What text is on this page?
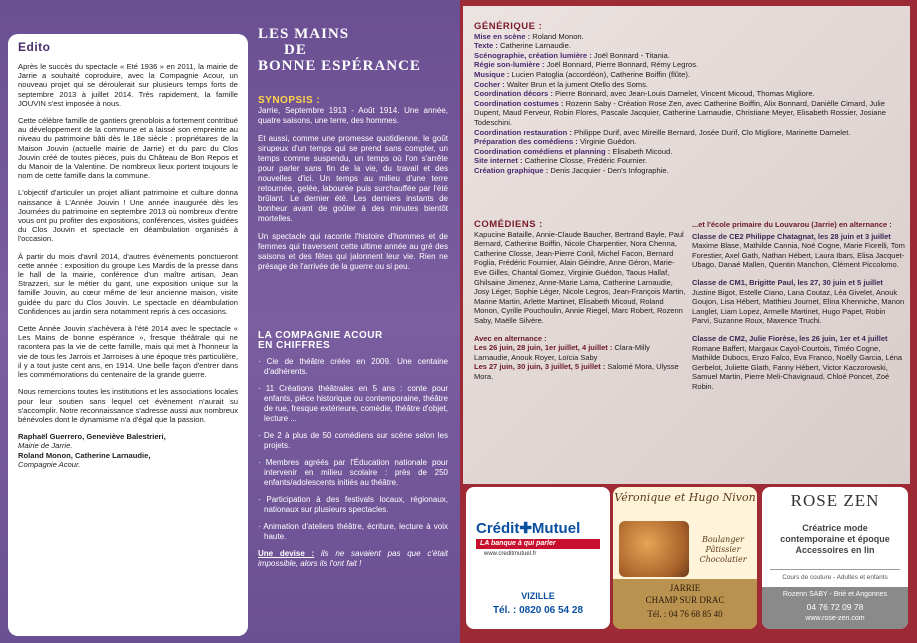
Edito

Après le succès du spectacle « Eté 1936 » en 2011, la mairie de Jarrie a souhaité coproduire, avec la Compagnie Acour, un nouveau projet qui se déroulerait sur plusieurs temps forts de septembre 2013 à juillet 2014. Très rapidement, la famille JOUVIN s'est imposée à nous.

Cette célèbre famille de gantiers grenoblois a fortement contribué au développement de la commune et a laissé son empreinte au niveau du patrimoine bâti dès le 18e siècle : propriétaires de la Maison Jouvin (actuelle mairie de Jarrie) et du parc du Clos Jouvin créé de toutes pièces, puis du Château de Bon Repos et du Manoir de la Valentine. De nombreux lieux portent toujours le nom de cette famille dans la commune.

L'objectif d'articuler un projet alliant patrimoine et culture donna naissance à L'Année Jouvin ! Une année inaugurée dès les Journées du patrimoine en septembre 2013 où nombreux d'entre vous ont pu profiter des expositions, conférences, visites guidées du Clos Jouvin et spectacle en déambulation organisés à l'occasion.

À partir du mois d'avril 2014, d'autres évènements ponctueront cette année : exposition du groupe Les Mardis de la presse dans le hall de la mairie, conférence d'un maître artisan, Jean Strazzeri, sur le métier du gant, une exposition unique sur la famille Jouvin, au cœur même de leur ancienne maison, visite guidée du parc du Clos Jouvin. Le spectacle en déambulation Confidences au jardin sera notamment repris à ces occasions.

Cette Année Jouvin s'achèvera à l'été 2014 avec le spectacle « Les Mains de bonne espérance », fresque théâtrale qui ne racontera pas la vie de cette famille, mais qui met à l'honneur la vie de tous les Jarrois et Jarroises à une époque très particulière, il y a tout juste cent ans, en 1914. Une belle façon d'entrer dans les commémorations du centenaire de la grande guerre.

Nous remercions toutes les institutions et les associations locales pour leur soutien sans lequel cet évènement n'aurait su s'accomplir. Notre reconnaissance s'adresse aussi aux nombreux bénévoles dont le dynamisme n'a d'égal que la passion.

Raphaël Guerrero, Geneviève Balestrieri,
Mairie de Jarrie.
Roland Monon, Catherine Larnaudie,
Compagnie Acour.

LES MAINS
DE
BONNE ESPÉRANCE
SYNOPSIS :

Jarrie, Septembre 1913 - Août 1914. Une année, quatre saisons, une terre, des hommes.

Et aussi, comme une promesse quotidienne, le goût sirupeux d'un temps qui se prend sans compter, un temps comme suspendu, un temps où l'on s'arrête pour parler sans fin de la vie, du travail et des nouvelles d'ici. Un temps au milieu d'une terre retournée, gelée, labourée puis surchauffée par l'été brûlant. Le dernier été. Les derniers instants de bonheur avant de goûter à des minutes bientôt mortelles.

Un spectacle qui raconte l'histoire d'hommes et de femmes qui traversent cette ultime année au gré des saisons et des fêtes qui jalonnent leur vie. Rien ne présage de l'arrivée de la guerre ou si peu.

LA COMPAGNIE ACOUR
EN CHIFFRES
· Cie de théâtre créée en 2009. Une centaine d'adhérents.
· 11 Créations théâtrales en 5 ans : conte pour enfants, pièce historique ou contemporaine, théâtre de rue, fresque extérieure, comédie, théâtre d'objet, lecture ...
· De 2 à plus de 50 comédiens sur scène selon les projets.
· Membres agréés par l'Éducation nationale pour intervenir en milieu scolaire : près de 250 enfants/adolescents initiés au théâtre.
· Participation à des festivals locaux, régionaux, nationaux sur plusieurs spectacles.
· Animation d'ateliers théâtre, écriture, lecture à voix haute.

Une devise : ils ne savaient pas que c'était impossible, alors ils l'ont fait !

GÉNÉRIQUE :
Mise en scène : Roland Monon.
Texte : Catherine Larnaudie.
Scénographie, création lumière : Joël Bonnard - Titania.
Régie son-lumière : Joël Bonnard, Pierre Bonnard, Rémy Legros.
Musique : Lucien Patoglia (accordéon), Catherine Boiffin (flûte).
Cocher : Walter Brun et la jument Otello des Soms.
Coordination décors : Pierre Bonnard, avec Jean-Louis Darnelet, Vincent Micoud, Thomas Migliore.
Coordination costumes : Rozenn Saby - Création Rose Zen, avec Catherine Boiffin, Alix Bonnard, Danièlle Cimard, Julie Dupent, Maud Ferveur, Robin Flores, Pascale Jacquier, Catherine Larnaudie, Christiane Meyer, Elisabeth Rossier, Josiane Todeschini.
Coordination restauration : Philippe Durif, avec Mireille Bernard, Josée Durif, Clo Migliore, Marinette Darnelet.
Préparation des comédiens : Virginie Guédon.
Coordination comédiens et planning : Elisabeth Micoud.
Site internet : Catherine Closse, Frédéric Fournier.
Création graphique : Denis Jacquier - Den's Infographie.
COMÉDIENS :

Kapucine Bataille, Annie-Claude Baucher, Bertrand Bayle, Paul Bernard, Catherine Boiffin, Nicole Charpentier, Nora Chenna, Catherine Closse, Jean-Pierre Conil, Michel Facon, Bernard Foglia, Frédéric Fournier, Alain Géindre, Anne Géron, Marie-Eve Gilles, Chantal Gomez, Virginie Guédon, Taous Hallaf, Ghilsaine Jimenez, Anne-Marie Lama, Catherine Larnaudie, Josy Léger, Sophie Léger, Nicole Legros, Jean-François Martin, Marine Martin, Arlette Martinet, Elisabeth Micoud, Roland Monon, Cyrille Pouchoulin, Annie Riegel, Marc Robert, Rozenn Saby, Maëlle Silvère.

Avec en alternance :

Les 26 juin, 28 juin, 1er juillet, 4 juillet : Clara-Milly Larnaudie, Anouk Royer, Loïcia Saby

Les 27 juin, 30 juin, 3 juillet, 5 juillet : Salomé Mora, Ulysse Mora.

...et l'école primaire du Louvarou (Jarrie) en alternance :
Classe de CE2 Philippe Chatagnat, les 28 juin et 3 juillet

Maxime Blase, Mathilde Cannia, Noé Cogne, Marie Fiorelli, Tom Forestier, Axel Gath, Nathan Hébert, Laura Ibars, Elisa Jacquet-Ubago, Danaé Mallen, Quentin Manchon, Clément Piccolomo.

Classe de CM1, Brigitte Paul, les 27, 30 juin et 5 juillet

Justine Bigot, Estelle Ciano, Lana Coutaz, Léa Givelet, Anouk Goujon, Lisa Hébert, Matthieu Journet, Elina Khenniche, Manon Langlet, Liam Lopez, Armelle Martinet, Hugo Papet, Robin Parvi, Suzanne Roux, Maxence Truchi.

Classe de CM2, Julie Fiorèse, les 26 juin, 1er et 4 juillet

Romane Baffert, Margaux Cayol-Courtois, Timéo Cogne, Mathilde Dubocs, Enzo Falco, Eva Franco, Noëlly Garcia, Léna Gerbelot, Juliette Glath, Fanny Hébert, Victor Kaczorowski, Samuel Martin, Pierre Meli-Chavignaud, Chloé Poncet, Zoé Robin.

Crédit✚Mutuel
LA banque à qui parler
www.creditmutuel.fr
VIZILLE
Tél. : 0820 06 54 28
Véronique et Hugo Nivon
Boulanger
Pâtissier
Chocolatier
JARRIE
CHAMP SUR DRAC
Tél. : 04 76 68 85 40
ROSE ZEN
Créatrice mode
contemporaine et époque
Accessoires en lin
Cours de couture - Adultes et enfants
Rozenn SABY - Brié et Angonnes
04 76 72 09 78
www.rose-zen.com
